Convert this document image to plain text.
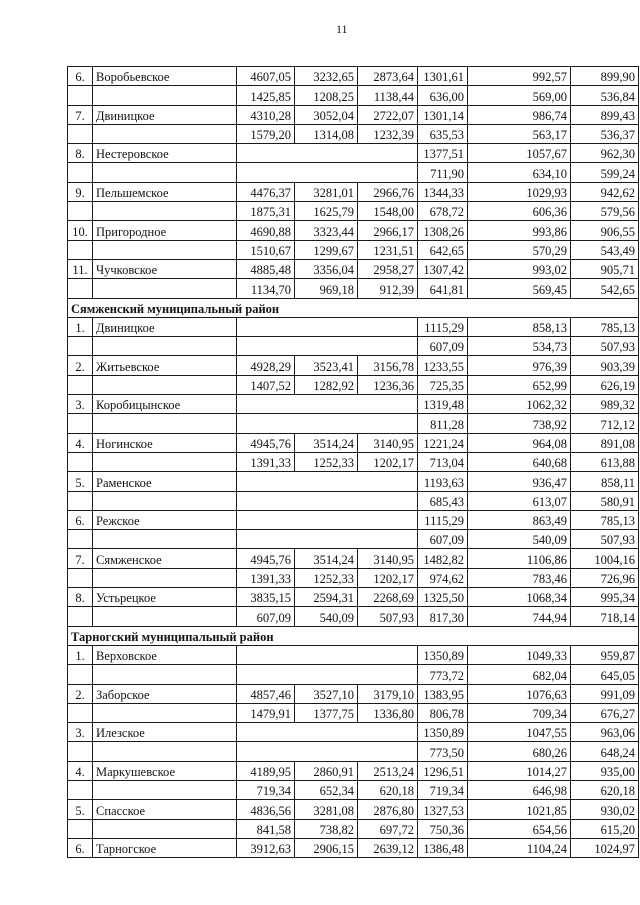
11
6.	Воробьевское	4607,05	3232,65	2873,64	1301,61	992,57	899,90
		1425,85	1208,25	1138,44	636,00	569,00	536,84
7.	Двиницкое	4310,28	3052,04	2722,07	1301,14	986,74	899,43
		1579,20	1314,08	1232,39	635,53	563,17	536,37
8.	Нестеровское				1377,51	1057,67	962,30
					711,90	634,10	599,24
9.	Пельшемское	4476,37	3281,01	2966,76	1344,33	1029,93	942,62
		1875,31	1625,79	1548,00	678,72	606,36	579,56
10.	Пригородное	4690,88	3323,44	2966,17	1308,26	993,86	906,55
		1510,67	1299,67	1231,51	642,65	570,29	543,49
11.	Чучковское	4885,48	3356,04	2958,27	1307,42	993,02	905,71
		1134,70	969,18	912,39	641,81	569,45	542,65
Сямженский муниципальный район							
1.	Двиницкое				1115,29	858,13	785,13
					607,09	534,73	507,93
2.	Житьевское	4928,29	3523,41	3156,78	1233,55	976,39	903,39
		1407,52	1282,92	1236,36	725,35	652,99	626,19
3.	Коробицынское				1319,48	1062,32	989,32
					811,28	738,92	712,12
4.	Ногинское	4945,76	3514,24	3140,95	1221,24	964,08	891,08
		1391,33	1252,33	1202,17	713,04	640,68	613,88
5.	Раменское				1193,63	936,47	858,11
					685,43	613,07	580,91
6.	Режское				1115,29	863,49	785,13
					607,09	540,09	507,93
7.	Сямженское	4945,76	3514,24	3140,95	1482,82	1106,86	1004,16
		1391,33	1252,33	1202,17	974,62	783,46	726,96
8.	Устьрецкое	3835,15	2594,31	2268,69	1325,50	1068,34	995,34
		607,09	540,09	507,93	817,30	744,94	718,14
Тарногский муниципальный район							
1.	Верховское				1350,89	1049,33	959,87
					773,72	682,04	645,05
2.	Заборское	4857,46	3527,10	3179,10	1383,95	1076,63	991,09
		1479,91	1377,75	1336,80	806,78	709,34	676,27
3.	Илезское				1350,89	1047,55	963,06
					773,50	680,26	648,24
4.	Маркушевское	4189,95	2860,91	2513,24	1296,51	1014,27	935,00
		719,34	652,34	620,18	719,34	646,98	620,18
5.	Спасское	4836,56	3281,08	2876,80	1327,53	1021,85	930,02
		841,58	738,82	697,72	750,36	654,56	615,20
6.	Тарногское	3912,63	2906,15	2639,12	1386,48	1104,24	1024,97
